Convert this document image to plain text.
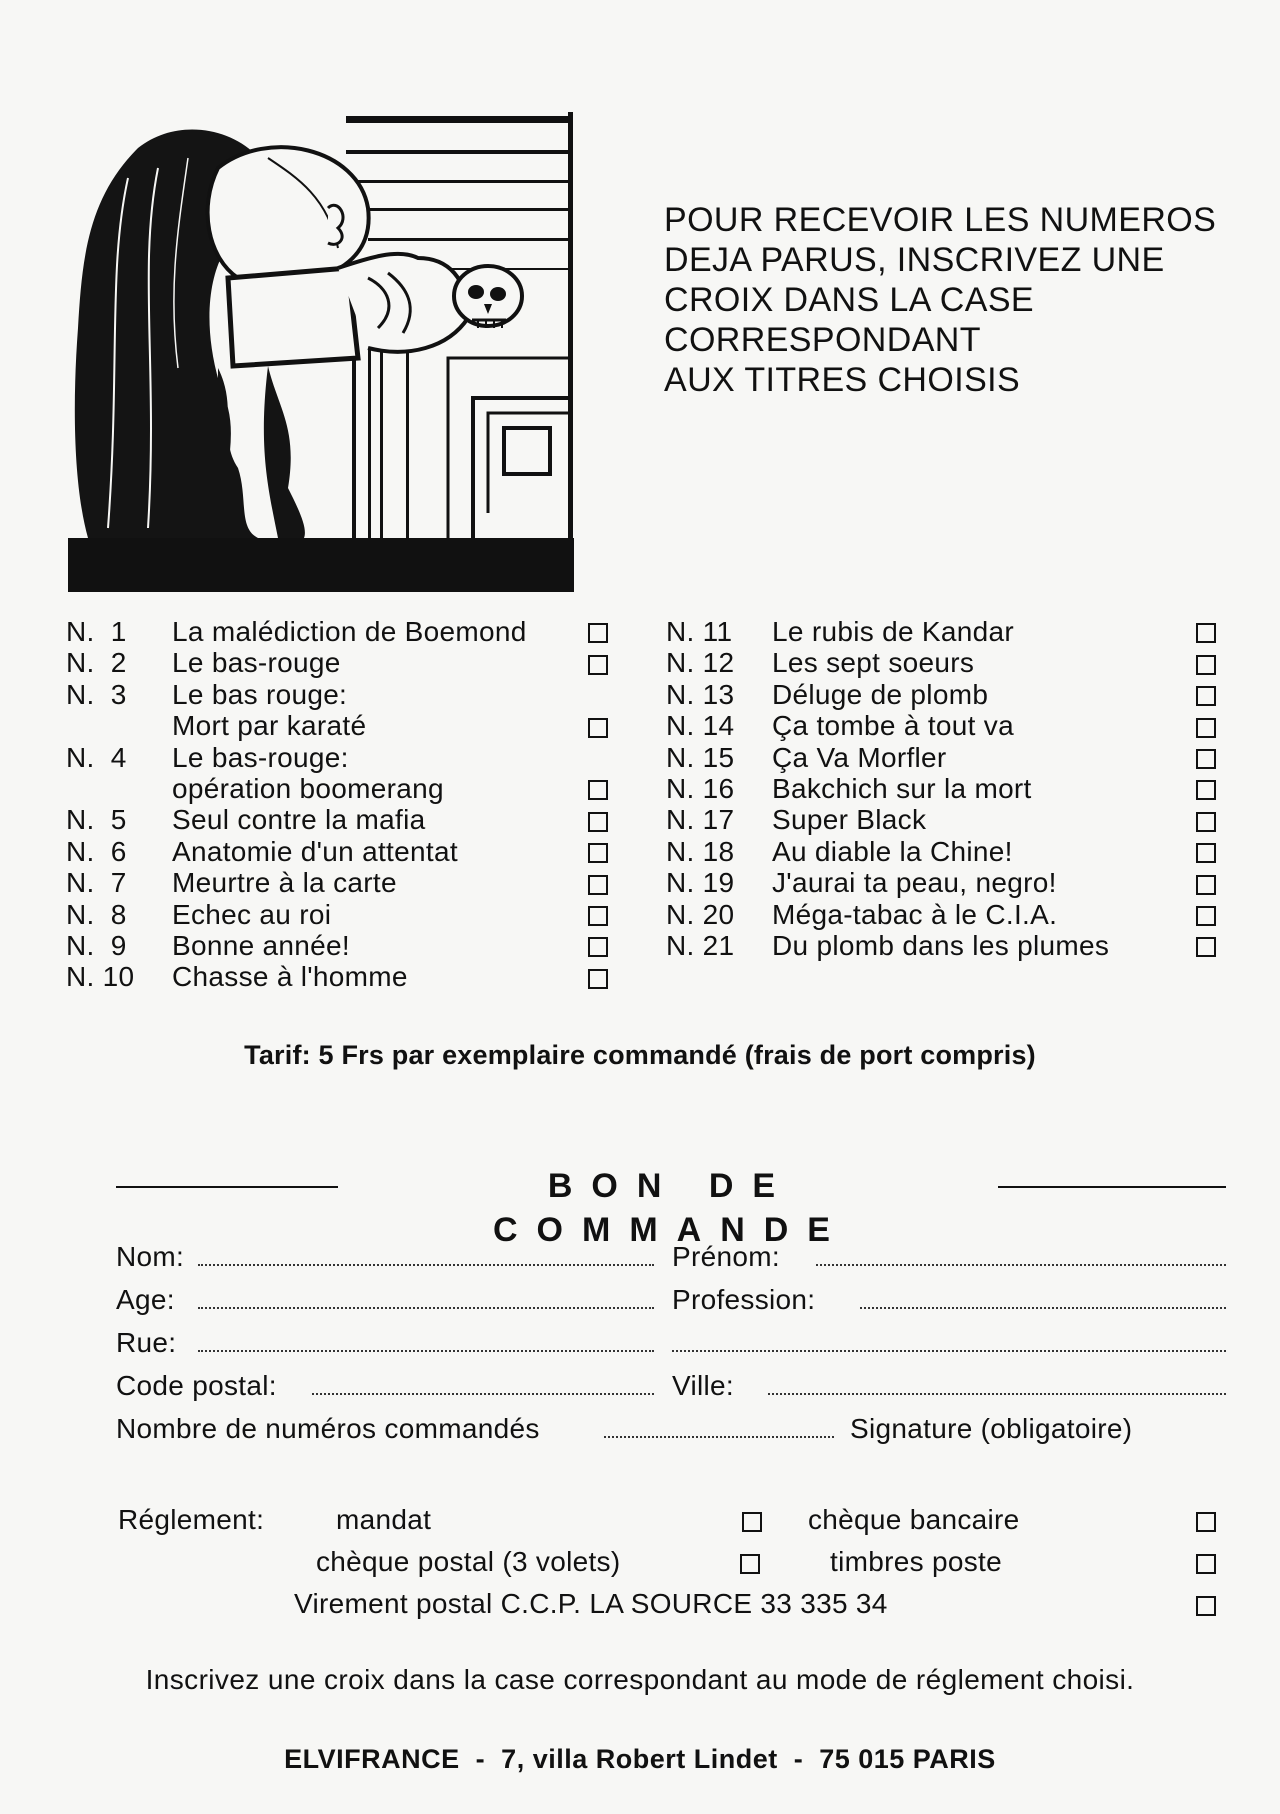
POUR RECEVOIR LES NUMEROS
DEJA PARUS, INSCRIVEZ UNE
CROIX DANS LA CASE
CORRESPONDANT
AUX TITRES CHOISIS
N.  1	La malédiction de Boemond
N.  2	Le bas-rouge
N.  3	Le bas rouge:
Mort par karaté
N.  4	Le bas-rouge:
opération boomerang
N.  5	Seul contre la mafia
N.  6	Anatomie d'un attentat
N.  7	Meurtre à la carte
N.  8	Echec au roi
N.  9	Bonne année!
N. 10	Chasse à l'homme
N. 11	Le rubis de Kandar
N. 12	Les sept soeurs
N. 13	Déluge de plomb
N. 14	Ça tombe à tout va
N. 15	Ça Va Morfler
N. 16	Bakchich sur la mort
N. 17	Super Black
N. 18	Au diable la Chine!
N. 19	J'aurai ta peau, negro!
N. 20	Méga-tabac à le C.I.A.
N. 21	Du plomb dans les plumes
Tarif: 5 Frs par exemplaire commandé (frais de port compris)
BON DE COMMANDE
Nom:	Prénom:
Age:	Profession:
Rue:
Code postal:	Ville:
Nombre de numéros commandés	Signature (obligatoire)
Réglement:	mandat	chèque bancaire
chèque postal (3 volets)	timbres poste
Virement postal C.C.P. LA SOURCE 33 335 34
Inscrivez une croix dans la case correspondant au mode de réglement choisi.
ELVIFRANCE  -  7, villa Robert Lindet  -  75 015 PARIS
